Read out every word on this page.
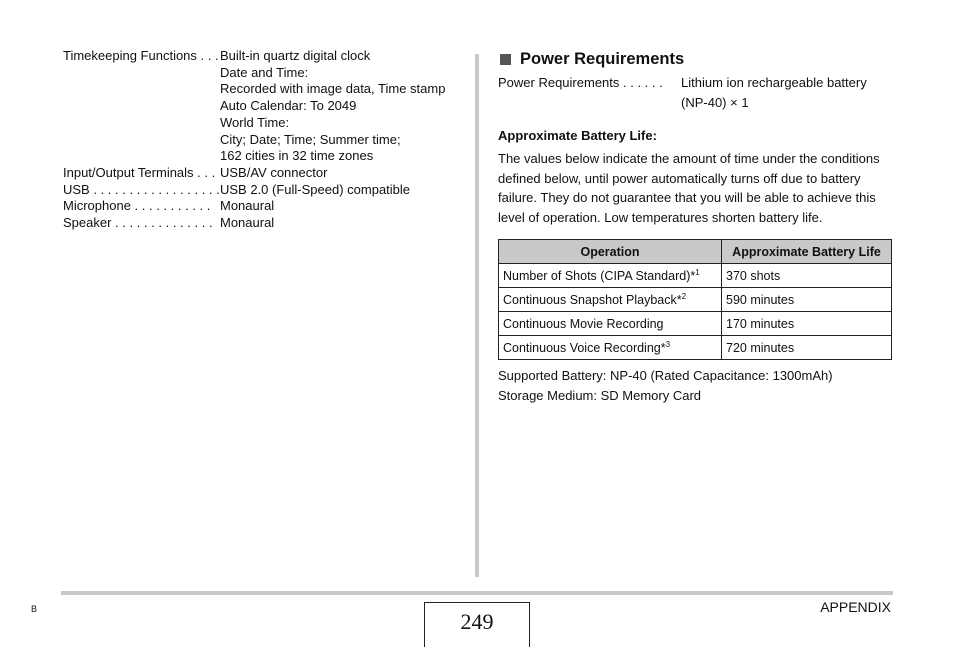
Timekeeping Functions . . . Built-in quartz digital clock
Date and Time:
Recorded with image data, Time stamp
Auto Calendar: To 2049
World Time:
City; Date; Time; Summer time;
162 cities in 32 time zones
Input/Output Terminals . . . USB/AV connector
USB . . . . . . . . . . . . . . . . . . USB 2.0 (Full-Speed) compatible
Microphone . . . . . . . . . . . Monaural
Speaker . . . . . . . . . . . . . . Monaural
Power Requirements
Power Requirements . . . . . .	Lithium ion rechargeable battery
(NP-40) × 1
Approximate Battery Life:
The values below indicate the amount of time under the conditions defined below, until power automatically turns off due to battery failure. They do not guarantee that you will be able to achieve this level of operation. Low temperatures shorten battery life.
Operation	Approximate Battery Life
Number of Shots (CIPA Standard)*$^1$	370 shots
Continuous Snapshot Playback*$^2$	590 minutes
Continuous Movie Recording	170 minutes
Continuous Voice Recording*$^3$	720 minutes
Supported Battery: NP-40 (Rated Capacitance: 1300mAh)
Storage Medium: SD Memory Card
B	249
APPENDIX
